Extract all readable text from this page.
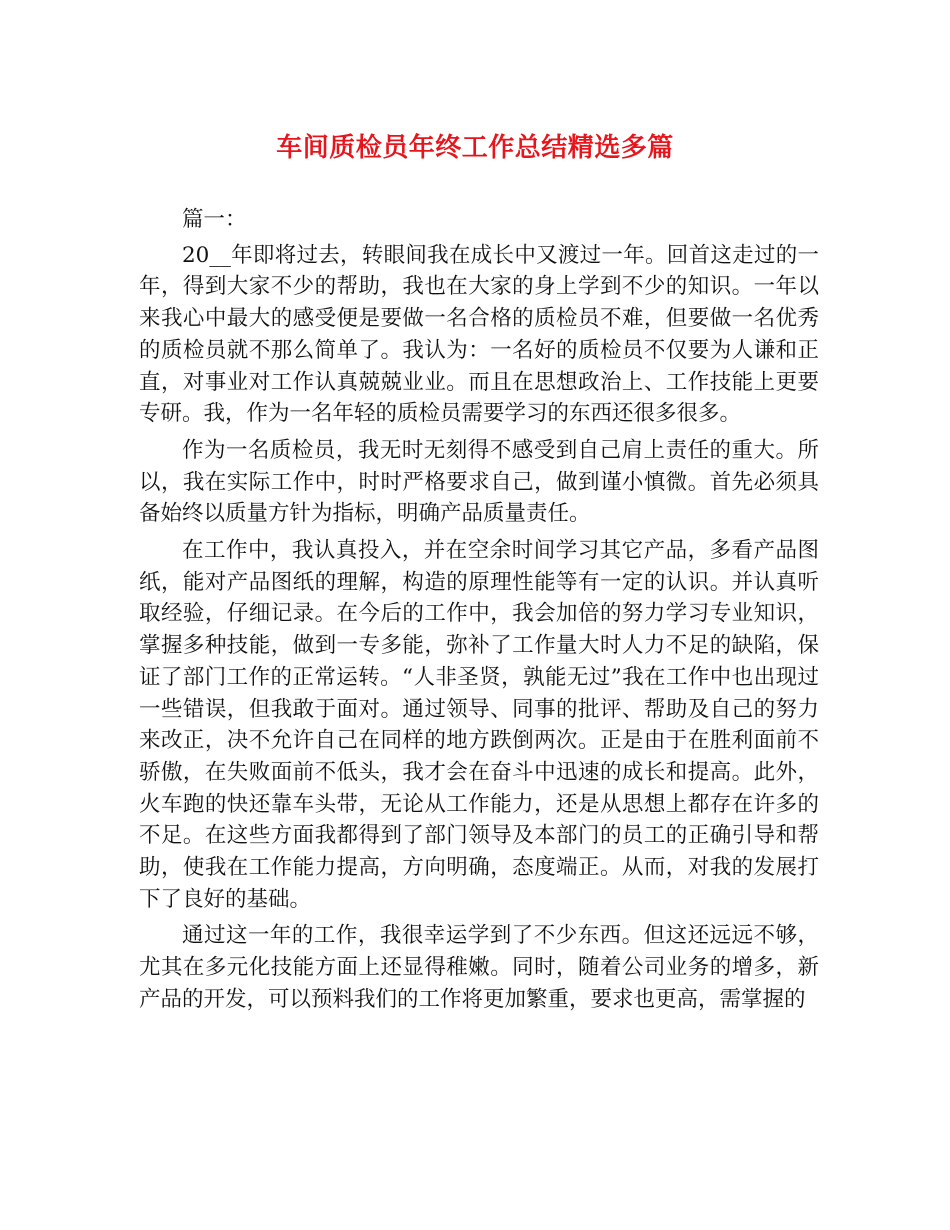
车间质检员年终工作总结精选多篇

篇一：

20__年即将过去，转眼间我在成长中又渡过一年。回首这走过的一年，得到大家不少的帮助，我也在大家的身上学到不少的知识。一年以来我心中最大的感受便是要做一名合格的质检员不难，但要做一名优秀的质检员就不那么简单了。我认为：一名好的质检员不仅要为人谦和正直，对事业对工作认真兢兢业业。而且在思想政治上、工作技能上更要专研。我，作为一名年轻的质检员需要学习的东西还很多很多。

作为一名质检员，我无时无刻得不感受到自己肩上责任的重大。所以，我在实际工作中，时时严格要求自己，做到谨小慎微。首先必须具备始终以质量方针为指标，明确产品质量责任。

在工作中，我认真投入，并在空余时间学习其它产品，多看产品图纸，能对产品图纸的理解，构造的原理性能等有一定的认识。并认真听取经验，仔细记录。在今后的工作中，我会加倍的努力学习专业知识，掌握多种技能，做到一专多能，弥补了工作量大时人力不足的缺陷，保证了部门工作的正常运转。“人非圣贤，孰能无过”我在工作中也出现过一些错误，但我敢于面对。通过领导、同事的批评、帮助及自己的努力来改正，决不允许自己在同样的地方跌倒两次。正是由于在胜利面前不骄傲，在失败面前不低头，我才会在奋斗中迅速的成长和提高。此外，火车跑的快还靠车头带，无论从工作能力，还是从思想上都存在许多的不足。在这些方面我都得到了部门领导及本部门的员工的正确引导和帮助，使我在工作能力提高，方向明确，态度端正。从而，对我的发展打下了良好的基础。

通过这一年的工作，我很幸运学到了不少东西。但这还远远不够，尤其在多元化技能方面上还显得稚嫩。同时，随着公司业务的增多，新产品的开发，可以预料我们的工作将更加繁重，要求也更高，需掌握的
